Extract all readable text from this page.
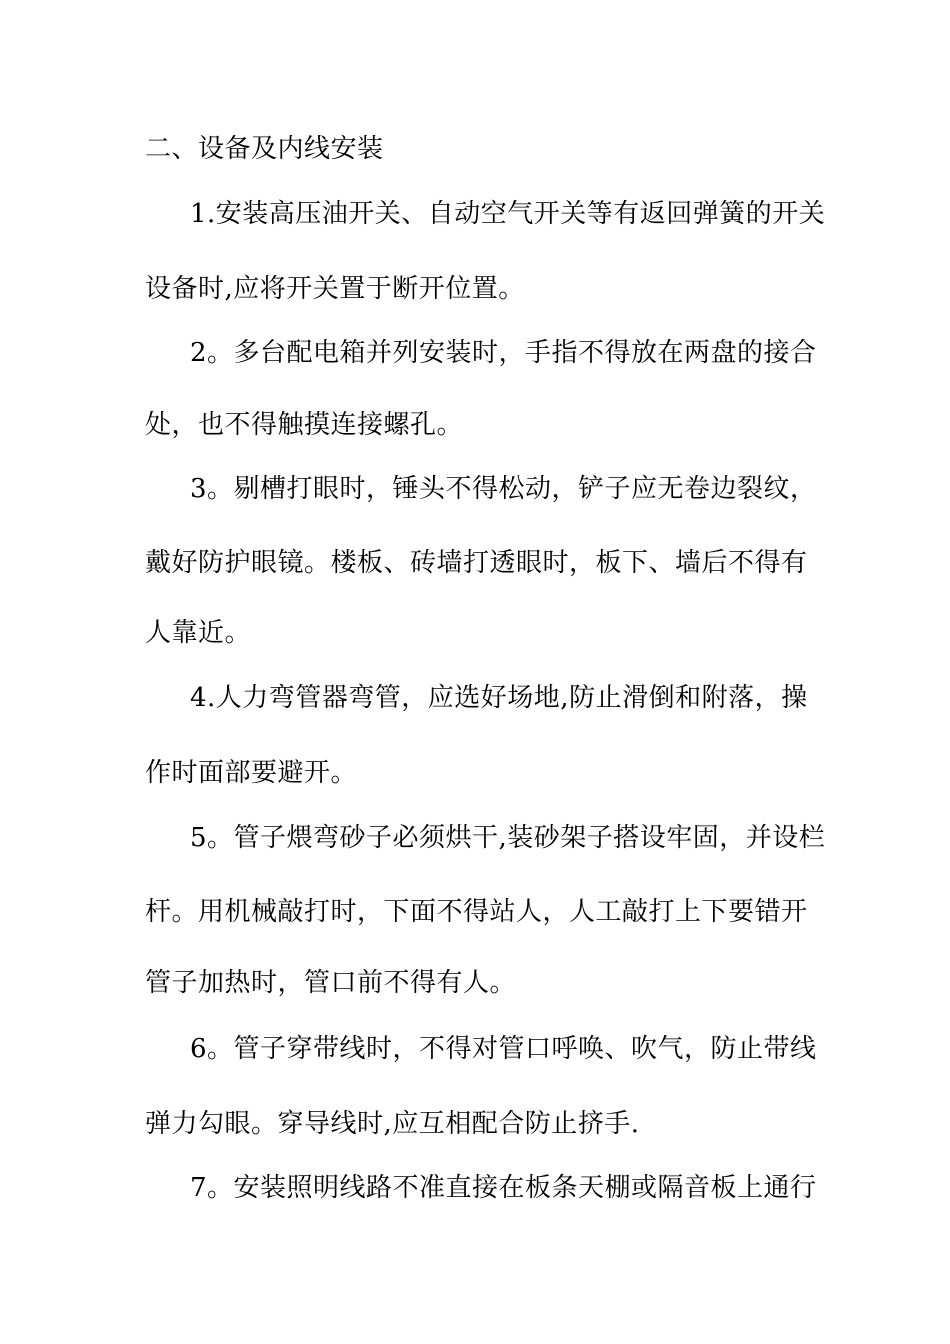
二、设备及内线安装
1.安装高压油开关、自动空气开关等有返回弹簧的开关
设备时,应将开关置于断开位置。
2。多台配电箱并列安装时，手指不得放在两盘的接合
处，也不得触摸连接螺孔。
3。剔槽打眼时，锤头不得松动，铲子应无卷边裂纹，
戴好防护眼镜。楼板、砖墙打透眼时，板下、墙后不得有
人靠近。
4.人力弯管器弯管，应选好场地,防止滑倒和附落，操
作时面部要避开。
5。管子煨弯砂子必须烘干,装砂架子搭设牢固，并设栏
杆。用机械敲打时，下面不得站人，人工敲打上下要错开
管子加热时，管口前不得有人。
6。管子穿带线时，不得对管口呼唤、吹气，防止带线
弹力勾眼。穿导线时,应互相配合防止挤手.
7。安装照明线路不准直接在板条天棚或隔音板上通行
